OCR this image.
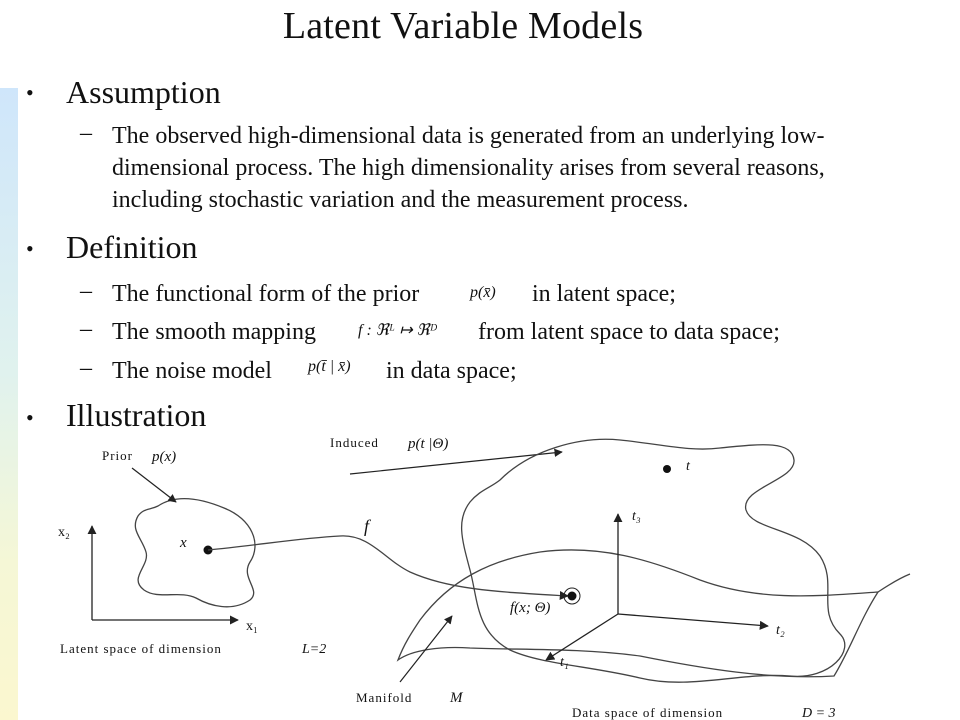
Latent Variable Models
• Assumption
– The observed high-dimensional data is generated from an underlying low-
dimensional process. The high dimensionality arises from several reasons,
including stochastic variation and the measurement process.
• Definition
– The functional form of the prior	p(x̄) in latent space;
– The smooth mapping	f : ℜᴸ ↦ ℜᴰ from latent space to data space;
– The noise model p(t̄ | x̄) in data space;
• Illustration
x₂
x₁
Prior p(x)
x
f
Induced p(t |Θ)
t
t₃
t₂
t₁
f(x; Θ)
Manifold	M
Latent space of dimension	L=2
Data space of dimension	D = 3
